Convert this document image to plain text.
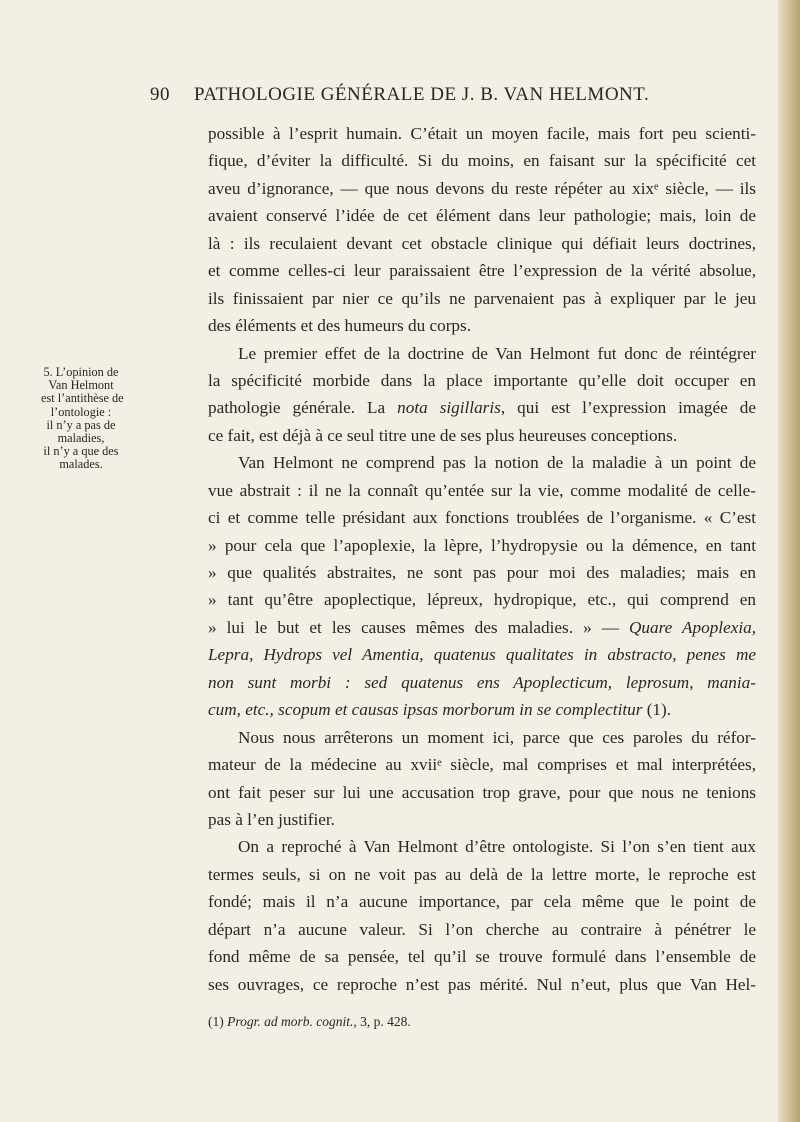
90 PATHOLOGIE GÉNÉRALE DE J. B. VAN HELMONT.
5. L’opinion de
Van Helmont
est l’antithèse de
l’ontologie :
il n’y a pas de
maladies,
il n’y a que des
malades.
possible à l’esprit humain. C’était un moyen facile, mais fort peu scienti-
fique, d’éviter la difficulté. Si du moins, en faisant sur la spécificité cet
aveu d’ignorance, — que nous devons du reste répéter au xixᵉ siècle, — ils
avaient conservé l’idée de cet élément dans leur pathologie; mais, loin de
là : ils reculaient devant cet obstacle clinique qui défiait leurs doctrines,
et comme celles-ci leur paraissaient être l’expression de la vérité absolue,
ils finissaient par nier ce qu’ils ne parvenaient pas à expliquer par le jeu
des éléments et des humeurs du corps.
Le premier effet de la doctrine de Van Helmont fut donc de réintégrer
la spécificité morbide dans la place importante qu’elle doit occuper en
pathologie générale. La nota sigillaris, qui est l’expression imagée de
ce fait, est déjà à ce seul titre une de ses plus heureuses conceptions.
Van Helmont ne comprend pas la notion de la maladie à un point de
vue abstrait : il ne la connaît qu’entée sur la vie, comme modalité de celle-
ci et comme telle présidant aux fonctions troublées de l’organisme. « C’est
» pour cela que l’apoplexie, la lèpre, l’hydropysie ou la démence, en tant
» que qualités abstraites, ne sont pas pour moi des maladies; mais en
» tant qu’être apoplectique, lépreux, hydropique, etc., qui comprend en
» lui le but et les causes mêmes des maladies. » — Quare Apoplexia,
Lepra, Hydrops vel Amentia, quatenus qualitates in abstracto, penes me
non sunt morbi : sed quatenus ens Apoplecticum, leprosum, mania-
cum, etc., scopum et causas ipsas morborum in se complectitur (1).
Nous nous arrêterons un moment ici, parce que ces paroles du réfor-
mateur de la médecine au xviiᵉ siècle, mal comprises et mal interprétées,
ont fait peser sur lui une accusation trop grave, pour que nous ne tenions
pas à l’en justifier.
On a reproché à Van Helmont d’être ontologiste. Si l’on s’en tient aux
termes seuls, si on ne voit pas au delà de la lettre morte, le reproche est
fondé; mais il n’a aucune importance, par cela même que le point de
départ n’a aucune valeur. Si l’on cherche au contraire à pénétrer le
fond même de sa pensée, tel qu’il se trouve formulé dans l’ensemble de
ses ouvrages, ce reproche n’est pas mérité. Nul n’eut, plus que Van Hel-
(1) Progr. ad morb. cognit., 3, p. 428.
